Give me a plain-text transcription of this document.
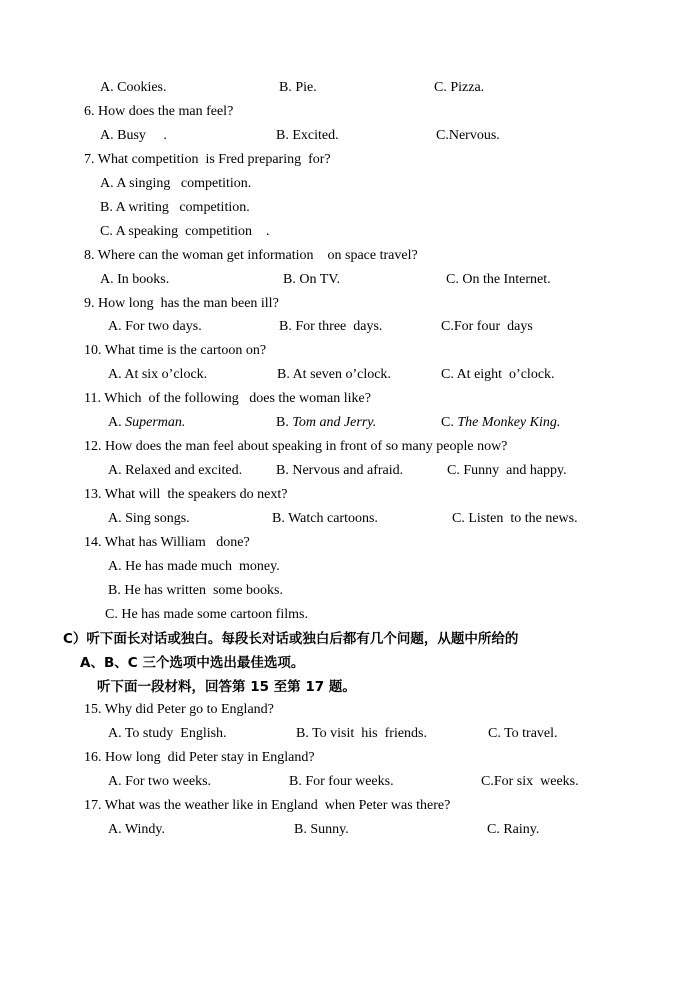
A. Cookies.	B. Pie.	C. Pizza.
6. How does the man feel?
A. Busy     .	B. Excited.	C.Nervous.
7. What competition  is Fred preparing  for?
A. A singing   competition.
B. A writing   competition.
C. A speaking  competition    .
8. Where can the woman get information    on space travel?
A. In books.	B. On TV.	C. On the Internet.
9. How long  has the man been ill?
A. For two days.	B. For three  days.	C.For four  days
10. What time is the cartoon on?
A. At six o’clock.	B. At seven o’clock.	C. At eight  o’clock.
11. Which  of the following   does the woman like?
A. Superman.	B. Tom and Jerry.	C. The Monkey King.
12. How does the man feel about speaking in front of so many people now?
A. Relaxed and excited. B. Nervous and afraid.	C. Funny  and happy.
13. What will  the speakers do next?
A. Sing songs.	B. Watch cartoons.	C. Listen  to the news.
14. What has William   done?
A. He has made much  money.
B. He has written  some books.
C. He has made some cartoon films.
C）听下面长对话或独白。每段长对话或独白后都有几个问题，从题中所给的
A、B、C 三个选项中选出最佳选项。
听下面一段材料，回答第 15 至第 17 题。
15. Why did Peter go to England?
A. To study  English.	B. To visit  his  friends.	C. To travel.
16. How long  did Peter stay in England?
A. For two weeks.	B. For four weeks.	C.For six  weeks.
17. What was the weather like in England  when Peter was there?
A. Windy.	B. Sunny.	C. Rainy.
